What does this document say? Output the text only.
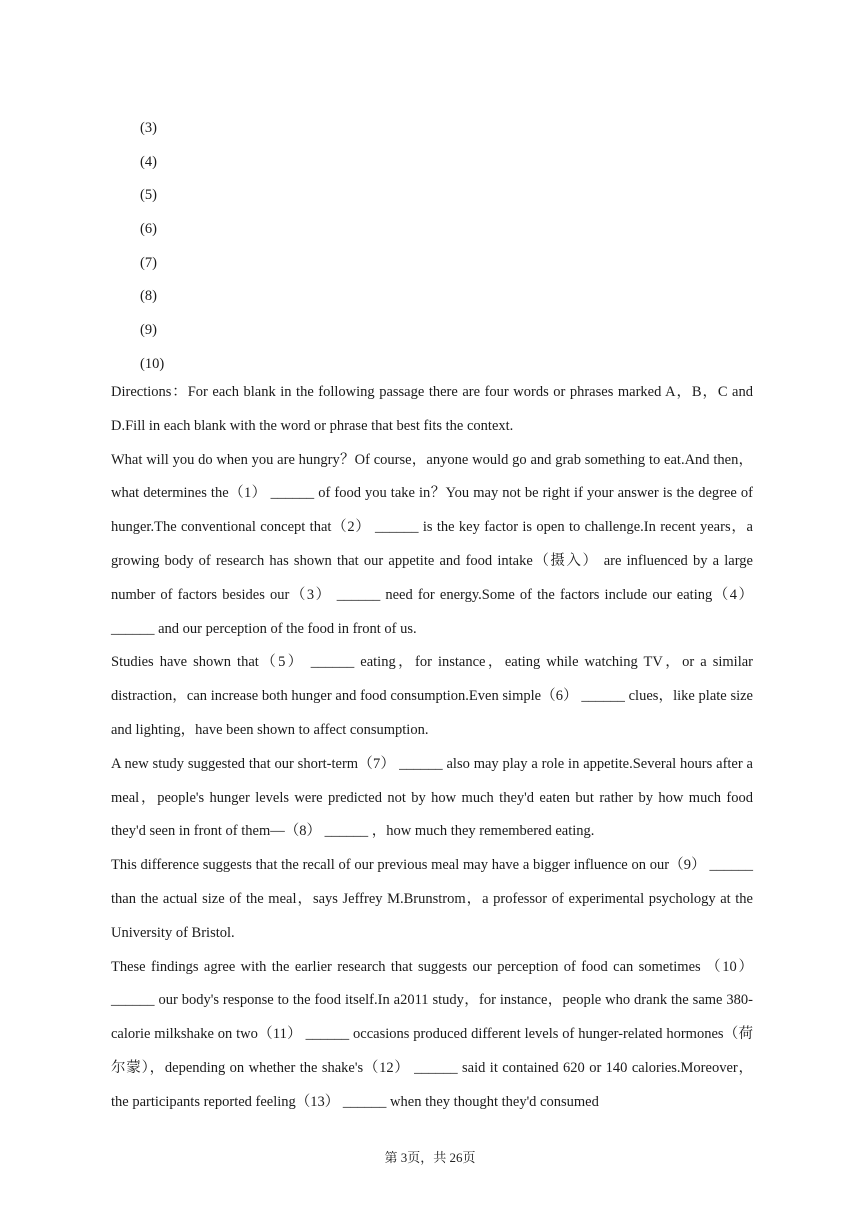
(3)
(4)
(5)
(6)
(7)
(8)
(9)
(10)

Directions：For each blank in the following passage there are four words or phrases marked A，B，C and D.Fill in each blank with the word or phrase that best fits the context.

What will you do when you are hungry？Of course，anyone would go and grab something to eat.And then，what determines the（1） ______ of food you take in？You may not be right if your answer is the degree of hunger.The conventional concept that（2） ______ is the key factor is open to challenge.In recent years，a growing body of research has shown that our appetite and food intake（摄入） are influenced by a large number of factors besides our（3） ______ need for energy.Some of the factors include our eating（4） ______ and our perception of the food in front of us.

Studies have shown that（5） ______ eating，for instance，eating while watching TV，or a similar distraction，can increase both hunger and food consumption.Even simple（6） ______ clues，like plate size and lighting，have been shown to affect consumption.

A new study suggested that our short-term（7） ______ also may play a role in appetite.Several hours after a meal，people's hunger levels were predicted not by how much they'd eaten but rather by how much food they'd seen in front of them—（8） ______ ，how much they remembered eating.

This difference suggests that the recall of our previous meal may have a bigger influence on our（9） ______ than the actual size of the meal，says Jeffrey M.Brunstrom，a professor of experimental psychology at the University of Bristol.

These findings agree with the earlier research that suggests our perception of food can sometimes （10） ______ our body's response to the food itself.In a2011 study，for instance，people who drank the same 380-calorie milkshake on two（11） ______ occasions produced different levels of hunger-related hormones（荷尔蒙），depending on whether the shake's（12） ______ said it contained 620 or 140 calories.Moreover，the participants reported feeling（13） ______ when they thought they'd consumed

第 3页，共 26页
